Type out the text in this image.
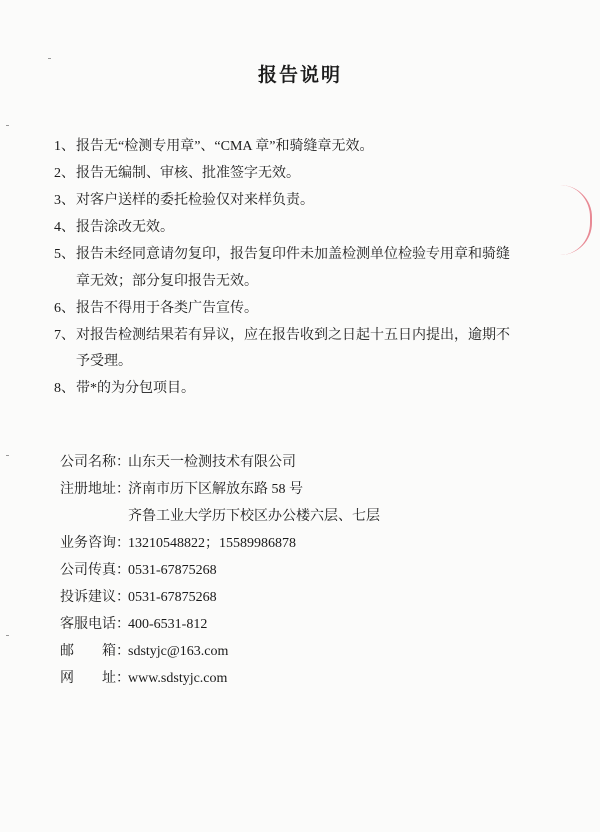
报告说明
1、 报告无“检测专用章”、“CMA 章”和骑缝章无效。
2、 报告无编制、审核、批准签字无效。
3、 对客户送样的委托检验仅对来样负责。
4、 报告涂改无效。
5、 报告未经同意请勿复印，报告复印件未加盖检测单位检验专用章和骑缝
章无效；部分复印报告无效。
6、 报告不得用于各类广告宣传。
7、 对报告检测结果若有异议，应在报告收到之日起十五日内提出，逾期不
予受理。
8、 带*的为分包项目。
公司名称：
山东天一检测技术有限公司
注册地址：
济南市历下区解放东路 58 号
齐鲁工业大学历下校区办公楼六层、七层
业务咨询：
13210548822；15589986878
公司传真：
0531-67875268
投诉建议：
0531-67875268
客服电话：
400-6531-812
邮 箱：
sdstyjc@163.com
网 址：
www.sdstyjc.com
